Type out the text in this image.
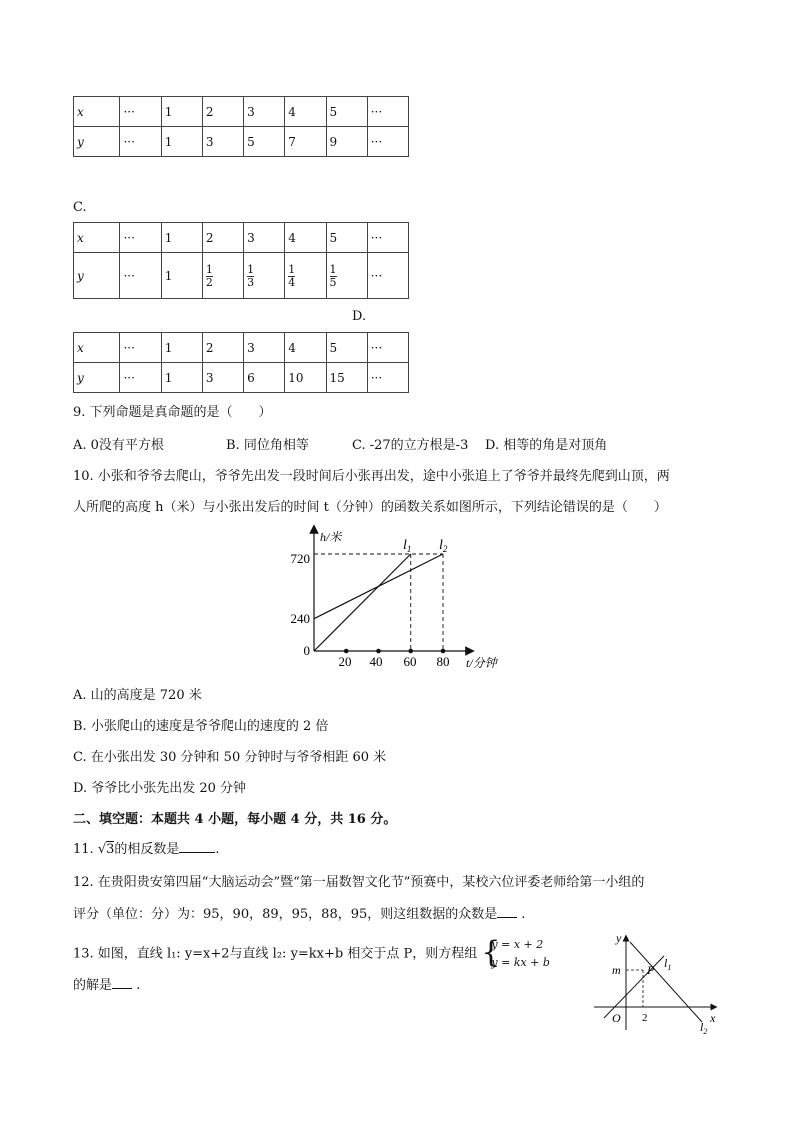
x	···	1	2	3	4	5	···
y	···	1	3	5	7	9	···
C.
x	···	1	2	3	4	5	···
y	···	1	$\frac{1}{2}$	$\frac{1}{3}$	$\frac{1}{4}$	$\frac{1}{5}$	···
D.
x	···	1	2	3	4	5	···
y	···	1	3	6	10	15	···
9. 下列命题是真命题的是（　　）
A. 0没有平方根	B. 同位角相等	C. -27的立方根是-3 D. 相等的角是对顶角
10. 小张和爷爷去爬山，爷爷先出发一段时间后小张再出发，途中小张追上了爷爷并最终先爬到山顶，两
人所爬的高度 h（米）与小张出发后的时间 t（分钟）的函数关系如图所示，下列结论错误的是（　　）
720
240
0
20 40 60 80
h/米
t/分钟
$l_1$ $l_2$
A. 山的高度是 720 米
B. 小张爬山的速度是爷爷爬山的速度的 2 倍
C. 在小张出发 30 分钟和 50 分钟时与爷爷相距 60 米
D. 爷爷比小张先出发 20 分钟
二、填空题：本题共 4 小题，每小题 4 分，共 16 分。
11. √3的相反数是	.
12. 在贵阳贵安第四届“大脑运动会”暨“第一届数智文化节”预赛中，某校六位评委老师给第一小组的
评分（单位：分）为：95，90，89，95，88，95，则这组数据的众数是 .
13. 如图，直线 l₁: y=x+2与直线 l₂: y=kx+b 相交于点 P，则方程组 {
y = x + 2
y = kx + b
的解是 .
y
x
O
m P
2
$l_1$
$l_2$
